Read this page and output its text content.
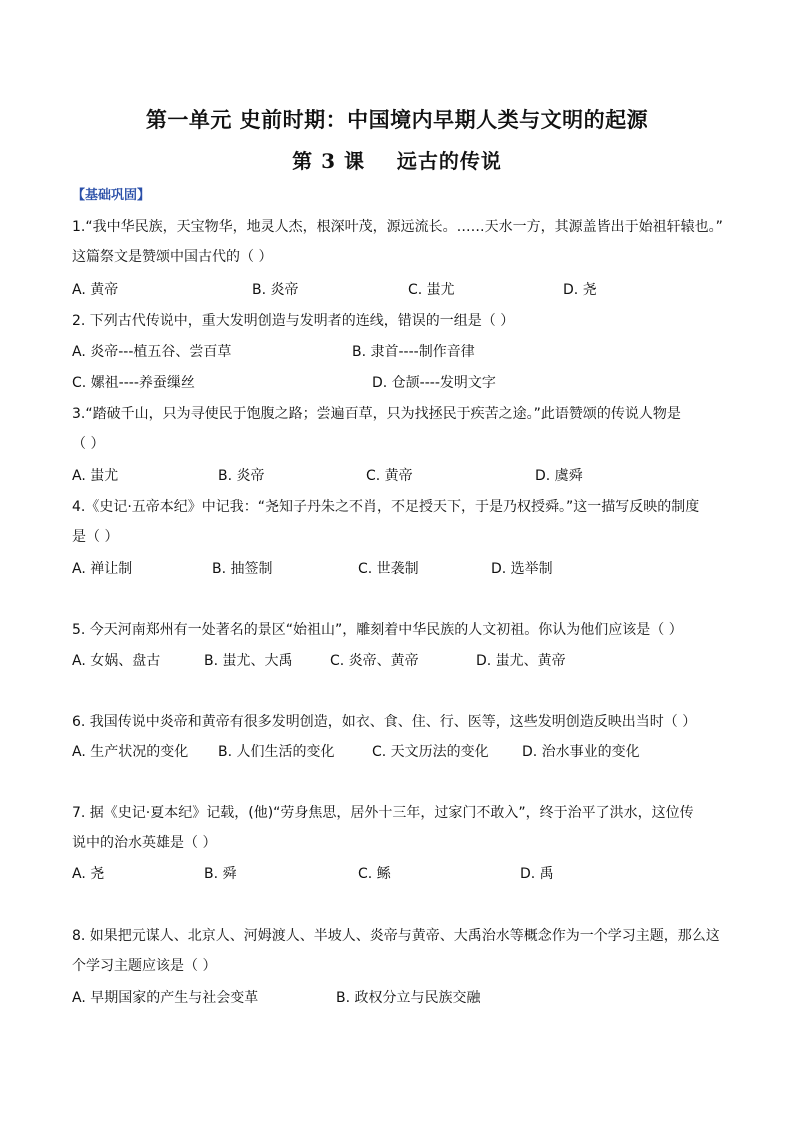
第一单元 史前时期：中国境内早期人类与文明的起源
第 3 课    远古的传说
【基础巩固】
1.“我中华民族，天宝物华，地灵人杰，根深叶茂，源远流长。……天水一方，其源盖皆出于始祖轩辕也。”
这篇祭文是赞颂中国古代的（ ）
A. 黄帝	B. 炎帝	C. 蚩尤	D. 尧
2. 下列古代传说中，重大发明创造与发明者的连线，错误的一组是（ ）
A. 炎帝---植五谷、尝百草	B. 隶首----制作音律
C. 嫘祖----养蚕缫丝	D. 仓颉----发明文字
3.“踏破千山，只为寻使民于饱腹之路；尝遍百草，只为找拯民于疾苦之途。”此语赞颂的传说人物是
（ ）
A. 蚩尤	B. 炎帝	C. 黄帝	D. 虞舜
4.《史记·五帝本纪》中记我：“尧知子丹朱之不肖，不足授天下，于是乃权授舜。”这一描写反映的制度
是（ ）
A. 禅让制	B. 抽签制	C. 世袭制	D. 选举制
5. 今天河南郑州有一处著名的景区“始祖山”，雕刻着中华民族的人文初祖。你认为他们应该是（ ）
A. 女娲、盘古	B. 蚩尤、大禹	C. 炎帝、黄帝	D. 蚩尤、黄帝
6. 我国传说中炎帝和黄帝有很多发明创造，如衣、食、住、行、医等，这些发明创造反映出当时（ ）
A. 生产状况的变化 B. 人们生活的变化	C. 天文历法的变化 D. 治水事业的变化
7. 据《史记·夏本纪》记载，(他)“劳身焦思，居外十三年，过家门不敢入”，终于治平了洪水，这位传
说中的治水英雄是（ ）
A. 尧	B. 舜	C. 鲧	D. 禹
8. 如果把元谋人、北京人、河姆渡人、半坡人、炎帝与黄帝、大禹治水等概念作为一个学习主题，那么这
个学习主题应该是（ ）
A. 早期国家的产生与社会变革	B. 政权分立与民族交融
